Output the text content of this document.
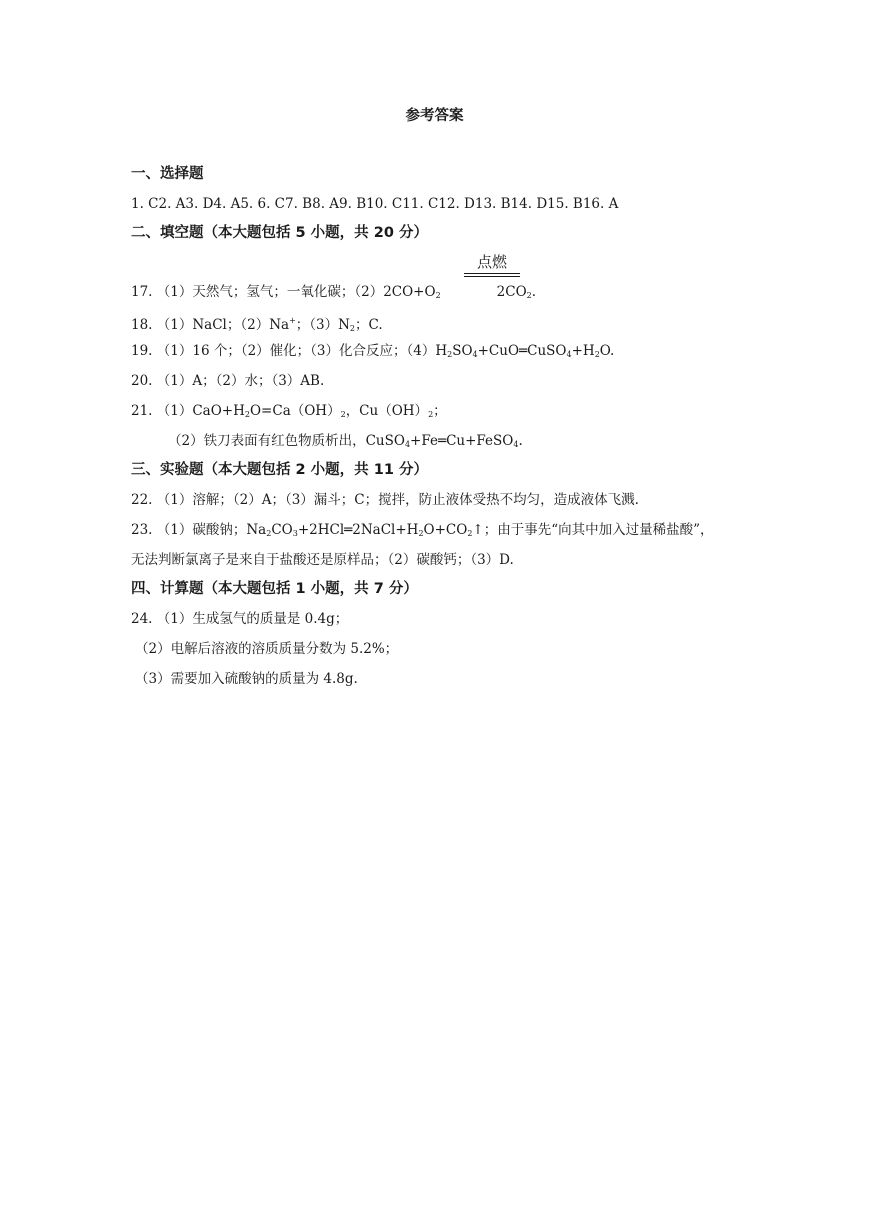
参考答案
一、选择题
1. C2. A3. D4. A5. 6. C7. B8. A9. B10. C11. C12. D13. B14. D15. B16. A
二、填空题（本大题包括 5 小题，共 20 分）
点燃
17. （1）天然气；氢气；一氧化碳；$(2)2CO+O_2$	$2CO_2$.
18. （1）NaCl；（2）Na+；$(3)N_2$；C.
19. （1）16 个；（2）催化；（3）化合反应；$(4)H_2SO_4+CuO═CuSO_4+H_2O$.
20. （1）A；（2）水；（3）AB.
21. $(1)CaO+H_2O=Ca(OH)_2$，$Cu(OH)_2$；
（2）铁刀表面有红色物质析出，CuSO$_4$+Fe═Cu+FeSO$_4$.
三、实验题（本大题包括 2 小题，共 11 分）
22. （1）溶解；（2）A；（3）漏斗；C；搅拌，防止液体受热不均匀，造成液体飞溅.
23. （1）碳酸钠；$Na_2CO_3+2HCl═2NaCl+H_2O+CO_2↑$；由于事先“向其中加入过量稀盐酸”，
无法判断氯离子是来自于盐酸还是原样品；（2）碳酸钙；（3）D.
四、计算题（本大题包括 1 小题，共 7 分）
24. （1）生成氢气的质量是 0.4g；
（2）电解后溶液的溶质质量分数为 5.2%；
（3）需要加入硫酸钠的质量为 4.8g.
